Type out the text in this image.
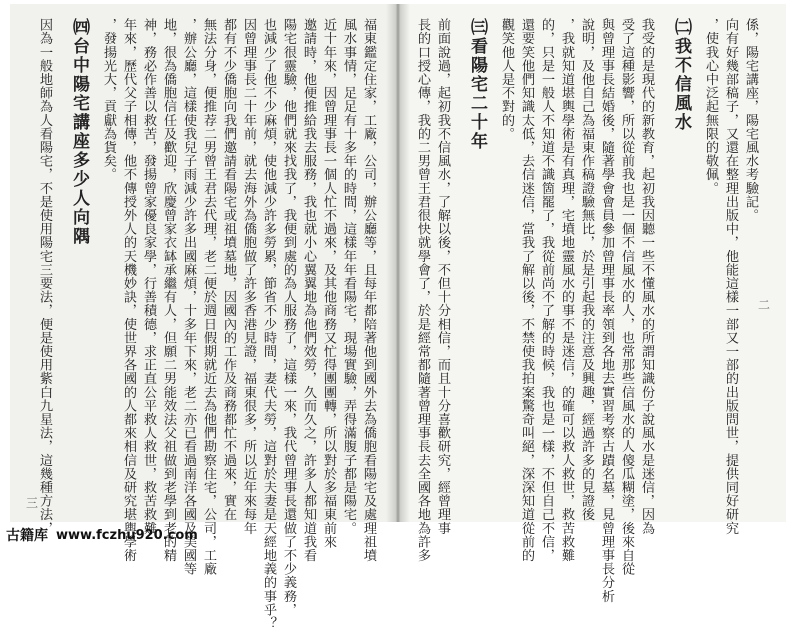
係，陽宅講座，陽宅風水考驗記。
向有好幾部稿子，又還在整理出版中，他能這樣一部又一部的出版問世，提供同好研究
，使我心中泛起無限的敬佩。
㈡我不信風水
我受的是現代的新教育，起初我因聽一些不懂風水的所謂知識份子說風水是迷信，因為
受了這種影響，所以從前我也是一個不信風水的人，也常那些信風水的人傻瓜糊塗，後來自從
與曾理事長結婚後，隨著學會會員參加曾理事長率領到各地去實習考察古蹟名墓，見曾理事長分析
說明，及他自己為福東作稿證驗無比，於是引起我的注意及興趣，經過許多的見證後
，我就知道堪輿學術是有真理，宅墳地靈風水的事不是迷信，的確可以救人救世，救苦救難
的，只是一般人不知道不識箇罷了，我從前尚不了解的時候，我也是一樣，不但自己不信，
還要笑他們知識太低，去信迷信，當我了解以後，不禁使我拍案驚奇叫絕，深深知道從前的
觀笑他人是不對的。
㈢看陽宅二十年
前面說過，起初我不信風水，了解以後，不但十分相信，而且十分喜歡研究，經曾理事
長的口授心傳，我的二男曾王君很快就學會了，於是經常都隨著曾理事長去全國各地為許多	二
福東鑑定住家，工廠，公司，辦公廳等，且每年都陪著他到國外去為僑胞看陽宅及處理祖墳
風水事情，足足有十多年的時間，這樣年年看陽宅，現場實驗，弄得滿腹子都是陽宅。
近十年來，因曾理事長一個人忙不過來，及其他商務又忙得團團轉，所以對於多福東前來
邀請時，他便推給我去服務，我也就小心翼翼地為他們效勞，久而久之，許多人都知道我看
陽宅很靈驗，他們就來找我了，我便到處的為人服務了，這樣一來，我代曾理事長還做了不少義務，
也減少了他不少麻煩，使他減少許多勞累，節省不少時間，妻代夫勞，這對於夫妻是天經地義的事乎？
因曾理事長二十年前，就去海外為僑胞做了許多香港見證，福東很多，所以近年來每年
都有不少僑胞向我們邀請看陽宅或祖墳墓地，因國內的工作及商務都忙不過來，實在
無法分身，便推荐二男曾王君去代理，老二便於週日假期就近去為他們勘察住宅，公司，工廠
，辦公廳，這樣使我兒子雨減少許多出國麻煩，十多年下來，老二亦已看過南洋各國及美國等
地，很為僑胞信任及歡迎，欣慶曾家衣缽承繼有人，但願二男能效法父祖做到老學到老的精
神，務必作善以救苦，發揚曾家優良家學，行善積德，求正直公平救人救世，救苦救難
年來，歷代父子相傳，他不傳授外人的天機妙訣，使世界各國的人都來相信及研究堪輿學術
，發揚光大，貢獻為貨矣。
㈣台中陽宅講座多少人向隅
因為一般地師為人看陽宅，不是使用陽宅三要法，便是使用紫白九星法，這幾種方法，
三
古籍库 www.fczhu920.com
